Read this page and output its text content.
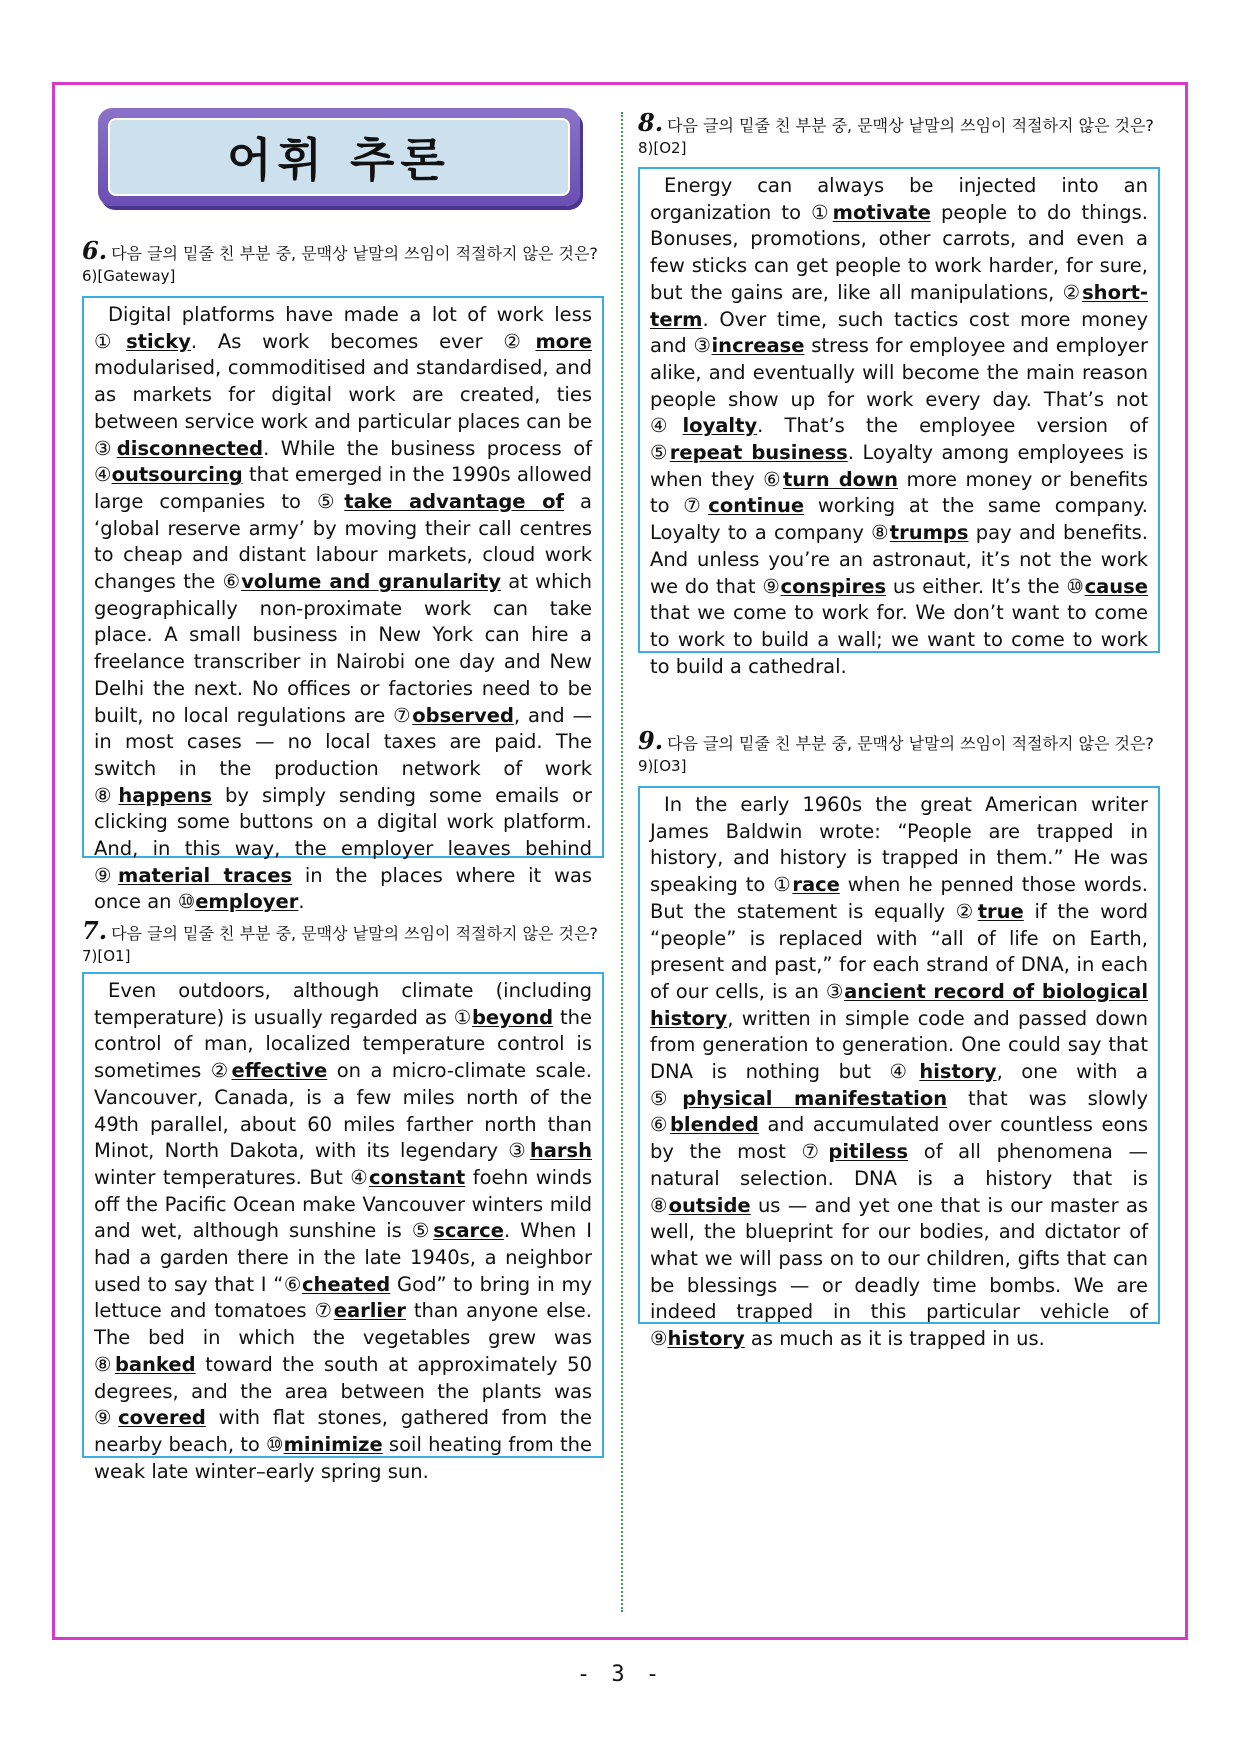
어휘 추론
6. 다음 글의 밑줄 친 부분 중, 문맥상 낱말의 쓰임이 적절하지 않은 것은?6)[Gateway]

Digital platforms have made a lot of work less ①sticky. As work becomes ever ②more modularised, commoditised and standardised, and as markets for digital work are created, ties between service work and particular places can be ③disconnected. While the business process of ④outsourcing that emerged in the 1990s allowed large companies to ⑤take advantage of a ‘global reserve army’ by moving their call centres to cheap and distant labour markets, cloud work changes the ⑥volume and granularity at which geographically non-proximate work can take place. A small business in New York can hire a freelance transcriber in Nairobi one day and New Delhi the next. No offices or factories need to be built, no local regulations are ⑦observed, and — in most cases — no local taxes are paid. The switch in the production network of work ⑧happens by simply sending some emails or clicking some buttons on a digital work platform. And, in this way, the employer leaves behind ⑨material traces in the places where it was once an ⑩employer.

7. 다음 글의 밑줄 친 부분 중, 문맥상 낱말의 쓰임이 적절하지 않은 것은?7)[O1]

Even outdoors, although climate (including temperature) is usually regarded as ①beyond the control of man, localized temperature control is sometimes ②effective on a micro-climate scale. Vancouver, Canada, is a few miles north of the 49th parallel, about 60 miles farther north than Minot, North Dakota, with its legendary ③harsh winter temperatures. But ④constant foehn winds off the Pacific Ocean make Vancouver winters mild and wet, although sunshine is ⑤scarce. When I had a garden there in the late 1940s, a neighbor used to say that I “⑥cheated God” to bring in my lettuce and tomatoes ⑦earlier than anyone else. The bed in which the vegetables grew was ⑧banked toward the south at approximately 50 degrees, and the area between the plants was ⑨covered with flat stones, gathered from the nearby beach, to ⑩minimize soil heating from the weak late winter–early spring sun.

8. 다음 글의 밑줄 친 부분 중, 문맥상 낱말의 쓰임이 적절하지 않은 것은?8)[O2]

Energy can always be injected into an organization to ①motivate people to do things. Bonuses, promotions, other carrots, and even a few sticks can get people to work harder, for sure, but the gains are, like all manipulations, ②short-term. Over time, such tactics cost more money and ③increase stress for employee and employer alike, and eventually will become the main reason people show up for work every day. That’s not ④loyalty. That’s the employee version of ⑤repeat business. Loyalty among employees is when they ⑥turn down more money or benefits to ⑦continue working at the same company. Loyalty to a company ⑧trumps pay and benefits. And unless you’re an astronaut, it’s not the work we do that ⑨conspires us either. It’s the ⑩cause that we come to work for. We don’t want to come to work to build a wall; we want to come to work to build a cathedral.

9. 다음 글의 밑줄 친 부분 중, 문맥상 낱말의 쓰임이 적절하지 않은 것은?9)[O3]

In the early 1960s the great American writer James Baldwin wrote: “People are trapped in history, and history is trapped in them.” He was speaking to ①race when he penned those words. But the statement is equally ②true if the word “people” is replaced with “all of life on Earth, present and past,” for each strand of DNA, in each of our cells, is an ③ancient record of biological history, written in simple code and passed down from generation to generation. One could say that DNA is nothing but ④history, one with a ⑤physical manifestation that was slowly ⑥blended and accumulated over countless eons by the most ⑦pitiless of all phenomena — natural selection. DNA is a history that is ⑧outside us — and yet one that is our master as well, the blueprint for our bodies, and dictator of what we will pass on to our children, gifts that can be blessings — or deadly time bombs. We are indeed trapped in this particular vehicle of ⑨history as much as it is trapped in us.

- 3 -
